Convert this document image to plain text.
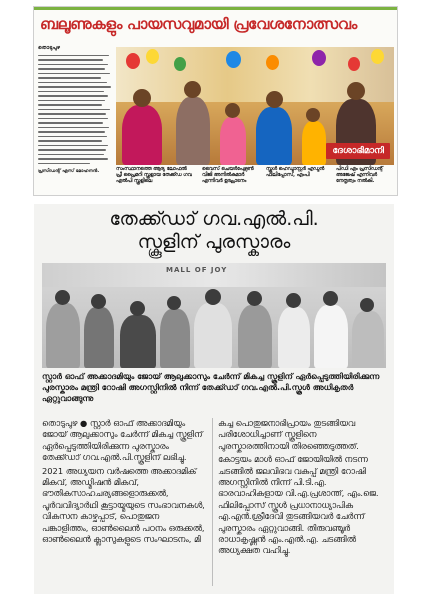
ബലൂണുകളും പായസവുമായി പ്രവേശനോത്സവം
തൊടുപുഴ
ദേശാഭിമാനി
പ്രസിഡന്റ് എസ് മോഹനൻ.	സംസ്ഥാനത്തെ ആദ്യ ലോഫൽ പ്രീ പ്രൈമറി സ്കൂളായ തേക്ക്ഡ ഗവ എൽപി സ്കൂളിലെ
വൈസ് ചെയർപേഴ്സൺ വിജി അനിൽകുമാർ എന്നിവർ ഉദ്ഘാടനം
സ്കൂൾ ഹെഡ്മാസ്റ്റർ എഡ്മൻ ഫിലിപ്പോസ്, എംപി
പിഡി എം പ്രസിഡന്റ് അജേഷ് എന്നിവർ നേതൃത്വം നൽകി.
തേക്ക്ഡാ് ഗവ.എൽ.പി.
സ്കൂളിന് പുരസ്കാരം
MALL OF JOY
സ്റ്റാർ ഓഫ് അക്കാദമിയും ജോയ് ആലുക്കാസും ചേർന്ന് മികച്ച സ്കൂളിന് ഏർപ്പെടുത്തിയിരിക്കുന്ന പുരസ്കാരം മന്ത്രി റോഷി അഗസ്റ്റിനിൽ നിന്ന് തേക്ക്ഡാ് ഗവ.എൽ.പി.സ്കൂൾ അധികൃതർ ഏറ്റുവാങ്ങുന്നു

തൊടുപുഴ ● സ്റ്റാർ ഓഫ് അക്കാദമിയും ജോയ് ആലുക്കാസും ചേർന്ന് മികച്ച സ്കൂളിന് ഏർപ്പെടുത്തിയിരിക്കുന്ന പുരസ്കാരം തേക്ക്ഡാ് ഗവ.എൽ.പി.സ്കൂളിന് ലഭിച്ചു.

2021 അധ്യയന വർഷത്തെ അക്കാദമിക് മികവ്, അഡ്മിഷൻ മികവ്, ഭൗതികസാഹചര്യങ്ങളൊരുക്കൽ, പൂർവവിദ്യാർഥി കൂട്ടായ്മയുടെ സംഭാവനകൾ, വികസന കാഴ്ചപ്പാട്, പൊതുജന പങ്കാളിത്തം, ഓൺലൈൻ പഠനം ഒരുക്കൽ, ഓൺലൈൻ ക്ലാസുകളുടെ സംഘാടനം, മി

കച്ച പൊതുജനാഭിപ്രായം തുടങ്ങിയവ പരിശോധിച്ചാണ് സ്കൂളിനെ പുരസ്കാരത്തിനായി തിരഞ്ഞെടുത്തത്.

കോട്ടയം മാൾ ഓഫ് ജോയിയിൽ നടന്ന ചടങ്ങിൽ ജലവിഭവ വകുപ്പ് മന്ത്രി റോഷി അഗസ്റ്റിനിൽ നിന്ന് പി.ടി.എ. ഭാരവാഹികളായ വി.എ.പ്രശാന്ത്, എം.ജെ. ഫിലിപ്പോസ് സ്കൂൾ പ്രധാനാധ്യാപിക എ.എൻ.ശ്രീദേവി തുടങ്ങിയവർ ചേർന്ന് പുരസ്കാരം ഏറ്റുവാങ്ങി. തിരുവഞ്ചൂർ രാധാകൃഷ്ണൻ എം.എൽ.എ. ചടങ്ങിൽ അധ്യക്ഷത വഹിച്ചു.
